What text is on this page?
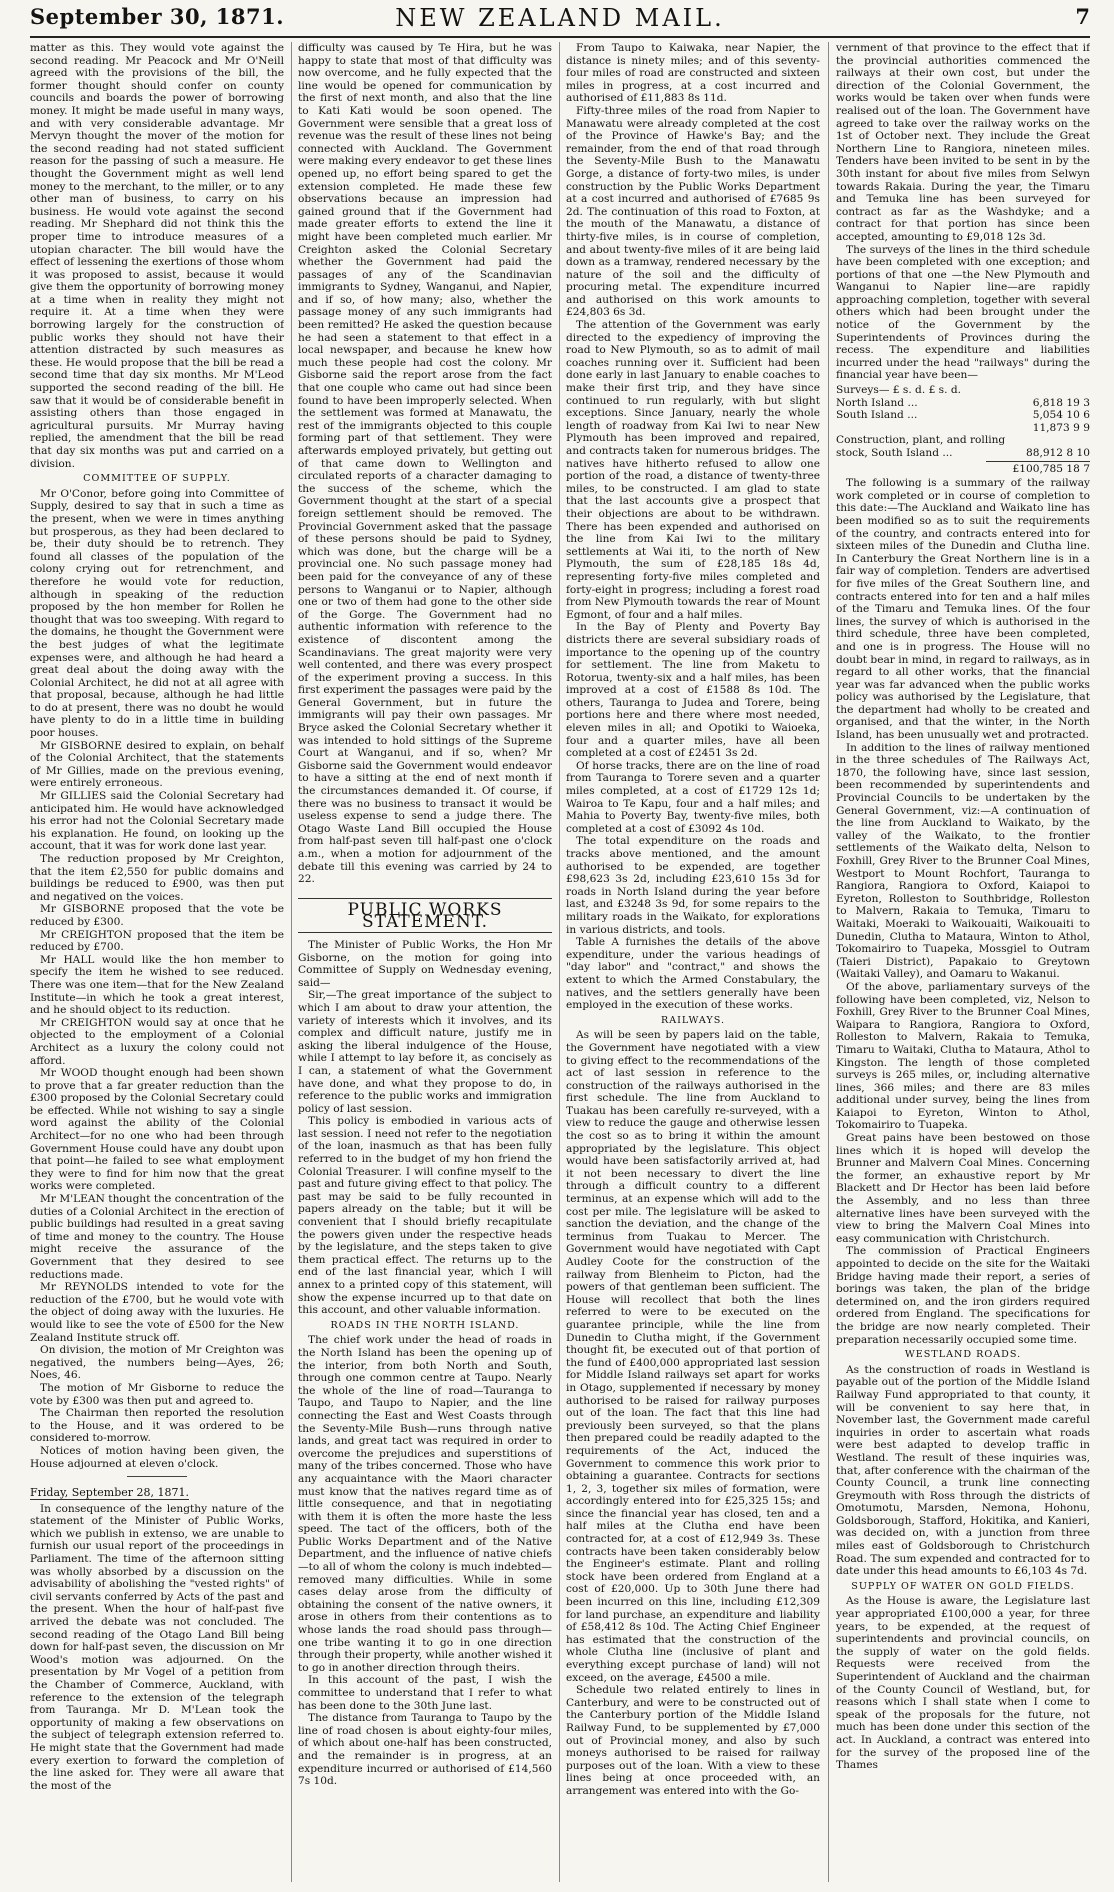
September 30, 1871.	NEW ZEALAND MAIL.	7

matter as this. They would vote against the second reading. Mr Peacock and Mr O'Neill agreed with the provisions of the bill, the former thought should confer on county councils and boards the power of borrowing money. It might be made useful in many ways, and with very considerable advantage. Mr Mervyn thought the mover of the motion for the second reading had not stated sufficient reason for the passing of such a measure. He thought the Government might as well lend money to the merchant, to the miller, or to any other man of business, to carry on his business. He would vote against the second reading. Mr Shephard did not think this the proper time to introduce measures of a utopian character. The bill would have the effect of lessening the exertions of those whom it was proposed to assist, because it would give them the opportunity of borrowing money at a time when in reality they might not require it. At a time when they were borrowing largely for the construction of public works they should not have their attention distracted by such measures as these. He would propose that the bill be read a second time that day six months. Mr M'Leod supported the second reading of the bill. He saw that it would be of considerable benefit in assisting others than those engaged in agricultural pursuits. Mr Murray having replied, the amendment that the bill be read that day six months was put and carried on a division.

COMMITTEE OF SUPPLY.

Mr O'Conor, before going into Committee of Supply, desired to say that in such a time as the present, when we were in times anything but prosperous, as they had been declared to be, their duty should be to retrench. They found all classes of the population of the colony crying out for retrenchment, and therefore he would vote for reduction, although in speaking of the reduction proposed by the hon member for Rollen he thought that was too sweeping. With regard to the domains, he thought the Government were the best judges of what the legitimate expenses were, and although he had heard a great deal about the doing away with the Colonial Architect, he did not at all agree with that proposal, because, although he had little to do at present, there was no doubt he would have plenty to do in a little time in building poor houses.

Mr GISBORNE desired to explain, on behalf of the Colonial Architect, that the statements of Mr Gillies, made on the previous evening, were entirely erroneous.

Mr GILLIES said the Colonial Secretary had anticipated him. He would have acknowledged his error had not the Colonial Secretary made his explanation. He found, on looking up the account, that it was for work done last year.

The reduction proposed by Mr Creighton, that the item £2,550 for public domains and buildings be reduced to £900, was then put and negatived on the voices.

Mr GISBORNE proposed that the vote be reduced by £300.

Mr CREIGHTON proposed that the item be reduced by £700.

Mr HALL would like the hon member to specify the item he wished to see reduced. There was one item—that for the New Zealand Institute—in which he took a great interest, and he should object to its reduction.

Mr CREIGHTON would say at once that he objected to the employment of a Colonial Architect as a luxury the colony could not afford.

Mr WOOD thought enough had been shown to prove that a far greater reduction than the £300 proposed by the Colonial Secretary could be effected. While not wishing to say a single word against the ability of the Colonial Architect—for no one who had been through Government House could have any doubt upon that point—he failed to see what employment they were to find for him now that the great works were completed.

Mr M'LEAN thought the concentration of the duties of a Colonial Architect in the erection of public buildings had resulted in a great saving of time and money to the country. The House might receive the assurance of the Government that they desired to see reductions made.

Mr REYNOLDS intended to vote for the reduction of the £700, but he would vote with the object of doing away with the luxuries. He would like to see the vote of £500 for the New Zealand Institute struck off.

On division, the motion of Mr Creighton was negatived, the numbers being—Ayes, 26; Noes, 46.

The motion of Mr Gisborne to reduce the vote by £300 was then put and agreed to.

The Chairman then reported the resolution to the House, and it was ordered to be considered to-morrow.

Notices of motion having been given, the House adjourned at eleven o'clock.

Friday, September 28, 1871.

In consequence of the lengthy nature of the statement of the Minister of Public Works, which we publish in extenso, we are unable to furnish our usual report of the proceedings in Parliament. The time of the afternoon sitting was wholly absorbed by a discussion on the advisability of abolishing the "vested rights" of civil servants conferred by Acts of the past and the present. When the hour of half-past five arrived the debate was not concluded. The second reading of the Otago Land Bill being down for half-past seven, the discussion on Mr Wood's motion was adjourned. On the presentation by Mr Vogel of a petition from the Chamber of Commerce, Auckland, with reference to the extension of the telegraph from Tauranga. Mr D. M'Lean took the opportunity of making a few observations on the subject of telegraph extension referred to. He might state that the Government had made every exertion to forward the completion of the line asked for. They were all aware that the most of the

difficulty was caused by Te Hira, but he was happy to state that most of that difficulty was now overcome, and he fully expected that the line would be opened for communication by the first of next month, and also that the line to Kati Kati would be soon opened. The Government were sensible that a great loss of revenue was the result of these lines not being connected with Auckland. The Government were making every endeavor to get these lines opened up, no effort being spared to get the extension completed. He made these few observations because an impression had gained ground that if the Government had made greater efforts to extend the line it might have been completed much earlier. Mr Creighton asked the Colonial Secretary whether the Government had paid the passages of any of the Scandinavian immigrants to Sydney, Wanganui, and Napier, and if so, of how many; also, whether the passage money of any such immigrants had been remitted? He asked the question because he had seen a statement to that effect in a local newspaper, and because he knew how much these people had cost the colony. Mr Gisborne said the report arose from the fact that one couple who came out had since been found to have been improperly selected. When the settlement was formed at Manawatu, the rest of the immigrants objected to this couple forming part of that settlement. They were afterwards employed privately, but getting out of that came down to Wellington and circulated reports of a character damaging to the success of the scheme, which the Government thought at the start of a special foreign settlement should be removed. The Provincial Government asked that the passage of these persons should be paid to Sydney, which was done, but the charge will be a provincial one. No such passage money had been paid for the conveyance of any of these persons to Wanganui or to Napier, although one or two of them had gone to the other side of the Gorge. The Government had no authentic information with reference to the existence of discontent among the Scandinavians. The great majority were very well contented, and there was every prospect of the experiment proving a success. In this first experiment the passages were paid by the General Government, but in future the immigrants will pay their own passages. Mr Bryce asked the Colonial Secretary whether it was intended to hold sittings of the Supreme Court at Wanganui, and if so, when? Mr Gisborne said the Government would endeavor to have a sitting at the end of next month if the circumstances demanded it. Of course, if there was no business to transact it would be useless expense to send a judge there. The Otago Waste Land Bill occupied the House from half-past seven till half-past one o'clock a.m., when a motion for adjournment of the debate till this evening was carried by 24 to 22.

PUBLIC WORKS STATEMENT.

The Minister of Public Works, the Hon Mr Gisborne, on the motion for going into Committee of Supply on Wednesday evening, said—

Sir,—The great importance of the subject to which I am about to draw your attention, the variety of interests which it involves, and its complex and difficult nature, justify me in asking the liberal indulgence of the House, while I attempt to lay before it, as concisely as I can, a statement of what the Government have done, and what they propose to do, in reference to the public works and immigration policy of last session.

This policy is embodied in various acts of last session. I need not refer to the negotiation of the loan, inasmuch as that has been fully referred to in the budget of my hon friend the Colonial Treasurer. I will confine myself to the past and future giving effect to that policy. The past may be said to be fully recounted in papers already on the table; but it will be convenient that I should briefly recapitulate the powers given under the respective heads by the legislature, and the steps taken to give them practical effect. The returns up to the end of the last financial year, which I will annex to a printed copy of this statement, will show the expense incurred up to that date on this account, and other valuable information.

ROADS IN THE NORTH ISLAND.

The chief work under the head of roads in the North Island has been the opening up of the interior, from both North and South, through one common centre at Taupo. Nearly the whole of the line of road—Tauranga to Taupo, and Taupo to Napier, and the line connecting the East and West Coasts through the Seventy-Mile Bush—runs through native lands, and great tact was required in order to overcome the prejudices and superstitions of many of the tribes concerned. Those who have any acquaintance with the Maori character must know that the natives regard time as of little consequence, and that in negotiating with them it is often the more haste the less speed. The tact of the officers, both of the Public Works Department and of the Native Department, and the influence of native chiefs—to all of whom the colony is much indebted—removed many difficulties. While in some cases delay arose from the difficulty of obtaining the consent of the native owners, it arose in others from their contentions as to whose lands the road should pass through—one tribe wanting it to go in one direction through their property, while another wished it to go in another direction through theirs.

In this account of the past, I wish the committee to understand that I refer to what has been done to the 30th June last.

The distance from Tauranga to Taupo by the line of road chosen is about eighty-four miles, of which about one-half has been constructed, and the remainder is in progress, at an expenditure incurred or authorised of £14,560 7s 10d.

From Taupo to Kaiwaka, near Napier, the distance is ninety miles; and of this seventy-four miles of road are constructed and sixteen miles in progress, at a cost incurred and authorised of £11,883 8s 11d.

Fifty-three miles of the road from Napier to Manawatu were already completed at the cost of the Province of Hawke's Bay; and the remainder, from the end of that road through the Seventy-Mile Bush to the Manawatu Gorge, a distance of forty-two miles, is under construction by the Public Works Department at a cost incurred and authorised of £7685 9s 2d. The continuation of this road to Foxton, at the mouth of the Manawatu, a distance of thirty-five miles, is in course of completion, and about twenty-five miles of it are being laid down as a tramway, rendered necessary by the nature of the soil and the difficulty of procuring metal. The expenditure incurred and authorised on this work amounts to £24,803 6s 3d.

The attention of the Government was early directed to the expediency of improving the road to New Plymouth, so as to admit of mail coaches running over it. Sufficient had been done early in last January to enable coaches to make their first trip, and they have since continued to run regularly, with but slight exceptions. Since January, nearly the whole length of roadway from Kai Iwi to near New Plymouth has been improved and repaired, and contracts taken for numerous bridges. The natives have hitherto refused to allow one portion of the road, a distance of twenty-three miles, to be constructed. I am glad to state that the last accounts give a prospect that their objections are about to be withdrawn. There has been expended and authorised on the line from Kai Iwi to the military settlements at Wai iti, to the north of New Plymouth, the sum of £28,185 18s 4d, representing forty-five miles completed and forty-eight in progress; including a forest road from New Plymouth towards the rear of Mount Egmont, of four and a half miles.

In the Bay of Plenty and Poverty Bay districts there are several subsidiary roads of importance to the opening up of the country for settlement. The line from Maketu to Rotorua, twenty-six and a half miles, has been improved at a cost of £1588 8s 10d. The others, Tauranga to Judea and Torere, being portions here and there where most needed, eleven miles in all; and Opotiki to Waioeka, four and a quarter miles, have all been completed at a cost of £2451 3s 2d.

Of horse tracks, there are on the line of road from Tauranga to Torere seven and a quarter miles completed, at a cost of £1729 12s 1d; Wairoa to Te Kapu, four and a half miles; and Mahia to Poverty Bay, twenty-five miles, both completed at a cost of £3092 4s 10d.

The total expenditure on the roads and tracks above mentioned, and the amount authorised to be expended, are together £98,623 3s 2d, including £23,610 15s 3d for roads in North Island during the year before last, and £3248 3s 9d, for some repairs to the military roads in the Waikato, for explorations in various districts, and tools.

Table A furnishes the details of the above expenditure, under the various headings of "day labor" and "contract," and shows the extent to which the Armed Constabulary, the natives, and the settlers generally have been employed in the execution of these works.

RAILWAYS.

As will be seen by papers laid on the table, the Government have negotiated with a view to giving effect to the recommendations of the act of last session in reference to the construction of the railways authorised in the first schedule. The line from Auckland to Tuakau has been carefully re-surveyed, with a view to reduce the gauge and otherwise lessen the cost so as to bring it within the amount appropriated by the legislature. This object would have been satisfactorily arrived at, had it not been necessary to divert the line through a difficult country to a different terminus, at an expense which will add to the cost per mile. The legislature will be asked to sanction the deviation, and the change of the terminus from Tuakau to Mercer. The Government would have negotiated with Capt Audley Coote for the construction of the railway from Blenheim to Picton, had the powers of that gentleman been sufficient. The House will recollect that both the lines referred to were to be executed on the guarantee principle, while the line from Dunedin to Clutha might, if the Government thought fit, be executed out of that portion of the fund of £400,000 appropriated last session for Middle Island railways set apart for works in Otago, supplemented if necessary by money authorised to be raised for railway purposes out of the loan. The fact that this line had previously been surveyed, so that the plans then prepared could be readily adapted to the requirements of the Act, induced the Government to commence this work prior to obtaining a guarantee. Contracts for sections 1, 2, 3, together six miles of formation, were accordingly entered into for £25,325 15s; and since the financial year has closed, ten and a half miles at the Clutha end have been contracted for, at a cost of £12,949 3s. These contracts have been taken considerably below the Engineer's estimate. Plant and rolling stock have been ordered from England at a cost of £20,000. Up to 30th June there had been incurred on this line, including £12,309 for land purchase, an expenditure and liability of £58,412 8s 10d. The Acting Chief Engineer has estimated that the construction of the whole Clutha line (inclusive of plant and everything except purchase of land) will not exceed, on the average, £4500 a mile.

Schedule two related entirely to lines in Canterbury, and were to be constructed out of the Canterbury portion of the Middle Island Railway Fund, to be supplemented by £7,000 out of Provincial money, and also by such moneys authorised to be raised for railway purposes out of the loan. With a view to these lines being at once proceeded with, an arrangement was entered into with the Go-

vernment of that province to the effect that if the provincial authorities commenced the railways at their own cost, but under the direction of the Colonial Government, the works would be taken over when funds were realised out of the loan. The Government have agreed to take over the railway works on the 1st of October next. They include the Great Northern Line to Rangiora, nineteen miles. Tenders have been invited to be sent in by the 30th instant for about five miles from Selwyn towards Rakaia. During the year, the Timaru and Temuka line has been surveyed for contract as far as the Washdyke; and a contract for that portion has since been accepted, amounting to £9,018 12s 3d.

The surveys of the lines in the third schedule have been completed with one exception; and portions of that one —the New Plymouth and Wanganui to Napier line—are rapidly approaching completion, together with several others which had been brought under the notice of the Government by the Superintendents of Provinces during the recess. The expenditure and liabilities incurred under the head "railways" during the financial year have been—

Surveys— £ s. d. £ s. d.
North Island ...	6,818 19 3
South Island ...	5,054 10 6
11,873 9 9
Construction, plant, and rolling
stock, South Island ...	88,912 8 10
£100,785 18 7

The following is a summary of the railway work completed or in course of completion to this date:—The Auckland and Waikato line has been modified so as to suit the requirements of the country, and contracts entered into for sixteen miles of the Dunedin and Clutha line. In Canterbury the Great Northern line is in a fair way of completion. Tenders are advertised for five miles of the Great Southern line, and contracts entered into for ten and a half miles of the Timaru and Temuka lines. Of the four lines, the survey of which is authorised in the third schedule, three have been completed, and one is in progress. The House will no doubt bear in mind, in regard to railways, as in regard to all other works, that the financial year was far advanced when the public works policy was authorised by the Legislature, that the department had wholly to be created and organised, and that the winter, in the North Island, has been unusually wet and protracted.

In addition to the lines of railway mentioned in the three schedules of The Railways Act, 1870, the following have, since last session, been recommended by superintendents and Provincial Councils to be undertaken by the General Government, viz:—A continuation of the line from Auckland to Waikato, by the valley of the Waikato, to the frontier settlements of the Waikato delta, Nelson to Foxhill, Grey River to the Brunner Coal Mines, Westport to Mount Rochfort, Tauranga to Rangiora, Rangiora to Oxford, Kaiapoi to Eyreton, Rolleston to Southbridge, Rolleston to Malvern, Rakaia to Temuka, Timaru to Waitaki, Moeraki to Waikouaiti, Waikouaiti to Dunedin, Clutha to Mataura, Winton to Athol, Tokomairiro to Tuapeka, Mossgiel to Outram (Taieri District), Papakaio to Greytown (Waitaki Valley), and Oamaru to Wakanui.

Of the above, parliamentary surveys of the following have been completed, viz, Nelson to Foxhill, Grey River to the Brunner Coal Mines, Waipara to Rangiora, Rangiora to Oxford, Rolleston to Malvern, Rakaia to Temuka, Timaru to Waitaki, Clutha to Mataura, Athol to Kingston. The length of those completed surveys is 265 miles, or, including alternative lines, 366 miles; and there are 83 miles additional under survey, being the lines from Kaiapoi to Eyreton, Winton to Athol, Tokomairiro to Tuapeka.

Great pains have been bestowed on those lines which it is hoped will develop the Brunner and Malvern Coal Mines. Concerning the former, an exhaustive report by Mr Blackett and Dr Hector has been laid before the Assembly, and no less than three alternative lines have been surveyed with the view to bring the Malvern Coal Mines into easy communication with Christchurch.

The commission of Practical Engineers appointed to decide on the site for the Waitaki Bridge having made their report, a series of borings was taken, the plan of the bridge determined on, and the iron girders required ordered from England. The specifications for the bridge are now nearly completed. Their preparation necessarily occupied some time.

WESTLAND ROADS.

As the construction of roads in Westland is payable out of the portion of the Middle Island Railway Fund appropriated to that county, it will be convenient to say here that, in November last, the Government made careful inquiries in order to ascertain what roads were best adapted to develop traffic in Westland. The result of these inquiries was, that, after conference with the chairman of the County Council, a trunk line connecting Greymouth with Ross through the districts of Omotumotu, Marsden, Nemona, Hohonu, Goldsborough, Stafford, Hokitika, and Kanieri, was decided on, with a junction from three miles east of Goldsborough to Christchurch Road. The sum expended and contracted for to date under this head amounts to £6,103 4s 7d.

SUPPLY OF WATER ON GOLD FIELDS.

As the House is aware, the Legislature last year appropriated £100,000 a year, for three years, to be expended, at the request of superintendents and provincial councils, on the supply of water on the gold fields. Requests were received from the Superintendent of Auckland and the chairman of the County Council of Westland, but, for reasons which I shall state when I come to speak of the proposals for the future, not much has been done under this section of the act. In Auckland, a contract was entered into for the survey of the proposed line of the Thames
